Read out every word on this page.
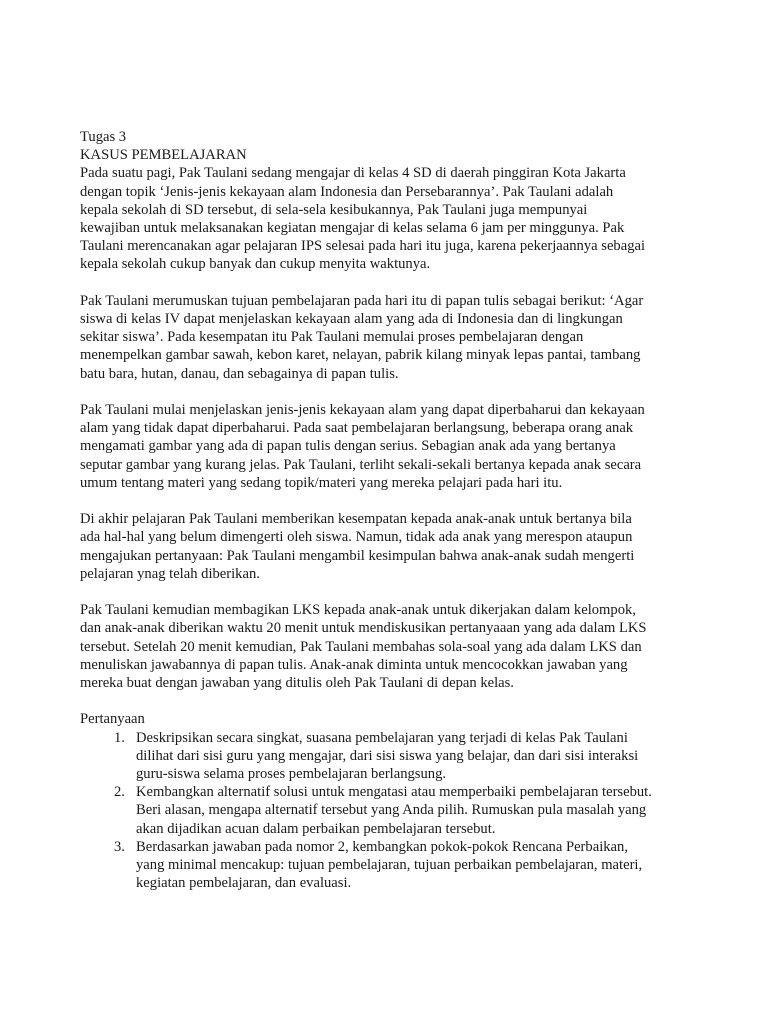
Tugas 3
KASUS PEMBELAJARAN
Pada suatu pagi, Pak Taulani sedang mengajar di kelas 4 SD di daerah pinggiran Kota Jakarta
dengan topik ‘Jenis-jenis kekayaan alam Indonesia dan Persebarannya’. Pak Taulani adalah
kepala sekolah di SD tersebut, di sela-sela kesibukannya, Pak Taulani juga mempunyai
kewajiban untuk melaksanakan kegiatan mengajar di kelas selama 6 jam per minggunya. Pak
Taulani merencanakan agar pelajaran IPS selesai pada hari itu juga, karena pekerjaannya sebagai
kepala sekolah cukup banyak dan cukup menyita waktunya.
Pak Taulani merumuskan tujuan pembelajaran pada hari itu di papan tulis sebagai berikut: ‘Agar
siswa di kelas IV dapat menjelaskan kekayaan alam yang ada di Indonesia dan di lingkungan
sekitar siswa’. Pada kesempatan itu Pak Taulani memulai proses pembelajaran dengan
menempelkan gambar sawah, kebon karet, nelayan, pabrik kilang minyak lepas pantai, tambang
batu bara, hutan, danau, dan sebagainya di papan tulis.
Pak Taulani mulai menjelaskan jenis-jenis kekayaan alam yang dapat diperbaharui dan kekayaan
alam yang tidak dapat diperbaharui. Pada saat pembelajaran berlangsung, beberapa orang anak
mengamati gambar yang ada di papan tulis dengan serius. Sebagian anak ada yang bertanya
seputar gambar yang kurang jelas. Pak Taulani, terliht sekali-sekali bertanya kepada anak secara
umum tentang materi yang sedang topik/materi yang mereka pelajari pada hari itu.
Di akhir pelajaran Pak Taulani memberikan kesempatan kepada anak-anak untuk bertanya bila
ada hal-hal yang belum dimengerti oleh siswa. Namun, tidak ada anak yang merespon ataupun
mengajukan pertanyaan: Pak Taulani mengambil kesimpulan bahwa anak-anak sudah mengerti
pelajaran ynag telah diberikan.
Pak Taulani kemudian membagikan LKS kepada anak-anak untuk dikerjakan dalam kelompok,
dan anak-anak diberikan waktu 20 menit untuk mendiskusikan pertanyaaan yang ada dalam LKS
tersebut. Setelah 20 menit kemudian, Pak Taulani membahas sola-soal yang ada dalam LKS dan
menuliskan jawabannya di papan tulis. Anak-anak diminta untuk mencocokkan jawaban yang
mereka buat dengan jawaban yang ditulis oleh Pak Taulani di depan kelas.
Pertanyaan
1. Deskripsikan secara singkat, suasana pembelajaran yang terjadi di kelas Pak Taulani
dilihat dari sisi guru yang mengajar, dari sisi siswa yang belajar, dan dari sisi interaksi
guru-siswa selama proses pembelajaran berlangsung.
2. Kembangkan alternatif solusi untuk mengatasi atau memperbaiki pembelajaran tersebut.
Beri alasan, mengapa alternatif tersebut yang Anda pilih. Rumuskan pula masalah yang
akan dijadikan acuan dalam perbaikan pembelajaran tersebut.
3. Berdasarkan jawaban pada nomor 2, kembangkan pokok-pokok Rencana Perbaikan,
yang minimal mencakup: tujuan pembelajaran, tujuan perbaikan pembelajaran, materi,
kegiatan pembelajaran, dan evaluasi.
